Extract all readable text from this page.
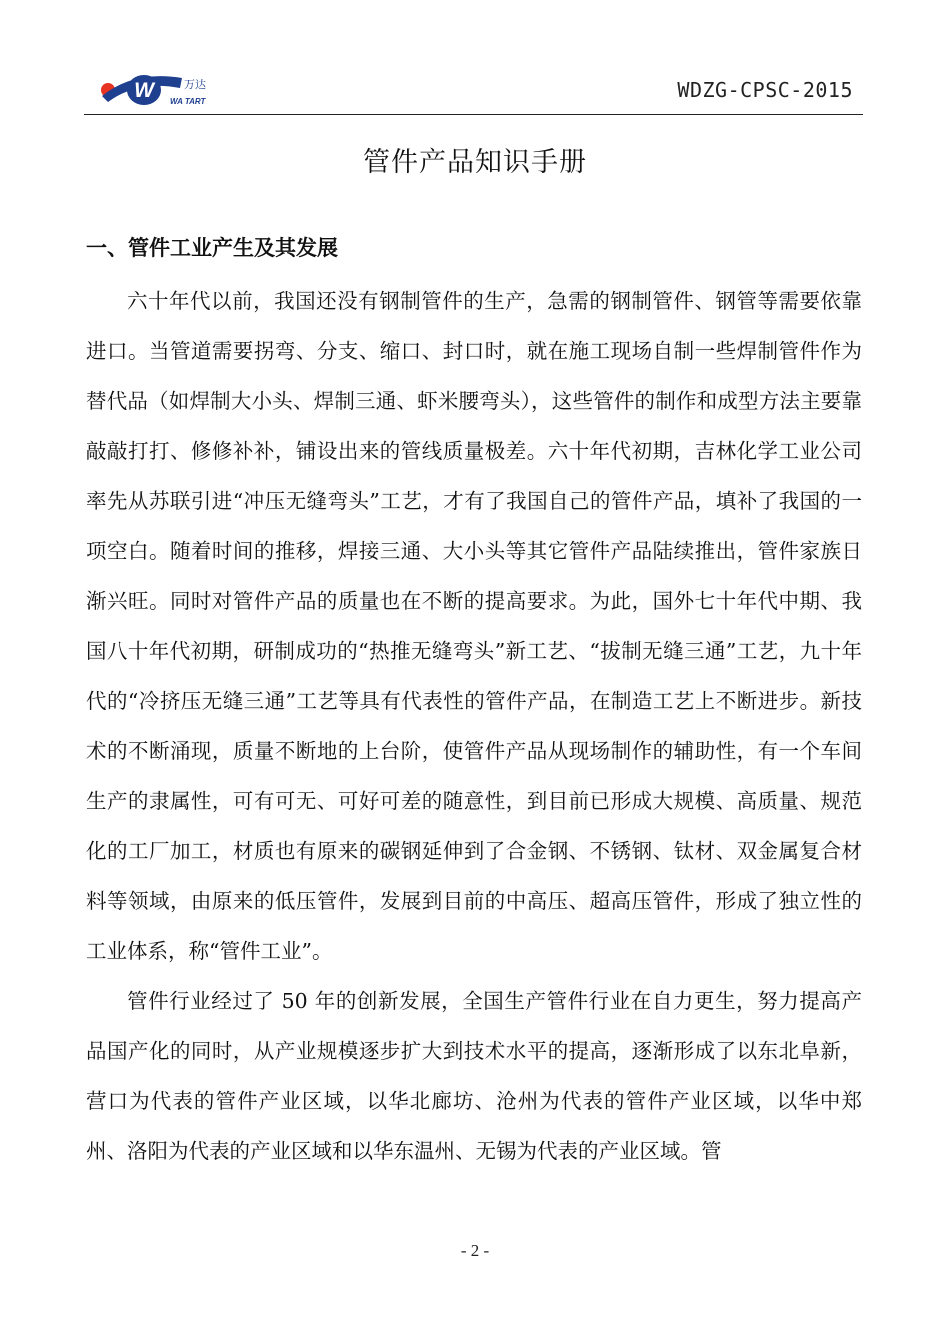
W	万达
WA TART	WDZG-CPSC-2015
管件产品知识手册
一、管件工业产生及其发展

六十年代以前，我国还没有钢制管件的生产，急需的钢制管件、钢管等需要依靠进口。当管道需要拐弯、分支、缩口、封口时，就在施工现场自制一些焊制管件作为替代品（如焊制大小头、焊制三通、虾米腰弯头），这些管件的制作和成型方法主要靠敲敲打打、修修补补，铺设出来的管线质量极差。六十年代初期，吉林化学工业公司率先从苏联引进“冲压无缝弯头”工艺，才有了我国自己的管件产品，填补了我国的一项空白。随着时间的推移，焊接三通、大小头等其它管件产品陆续推出，管件家族日渐兴旺。同时对管件产品的质量也在不断的提高要求。为此，国外七十年代中期、我国八十年代初期，研制成功的“热推无缝弯头”新工艺、“拔制无缝三通”工艺，九十年代的“冷挤压无缝三通”工艺等具有代表性的管件产品，在制造工艺上不断进步。新技术的不断涌现，质量不断地的上台阶，使管件产品从现场制作的辅助性，有一个车间生产的隶属性，可有可无、可好可差的随意性，到目前已形成大规模、高质量、规范化的工厂加工，材质也有原来的碳钢延伸到了合金钢、不锈钢、钛材、双金属复合材料等领域，由原来的低压管件，发展到目前的中高压、超高压管件，形成了独立性的工业体系，称“管件工业”。

管件行业经过了 50 年的创新发展，全国生产管件行业在自力更生，努力提高产品国产化的同时，从产业规模逐步扩大到技术水平的提高，逐渐形成了以东北阜新，营口为代表的管件产业区域，以华北廊坊、沧州为代表的管件产业区域，以华中郑州、洛阳为代表的产业区域和以华东温州、无锡为代表的产业区域。管

- 2 -
